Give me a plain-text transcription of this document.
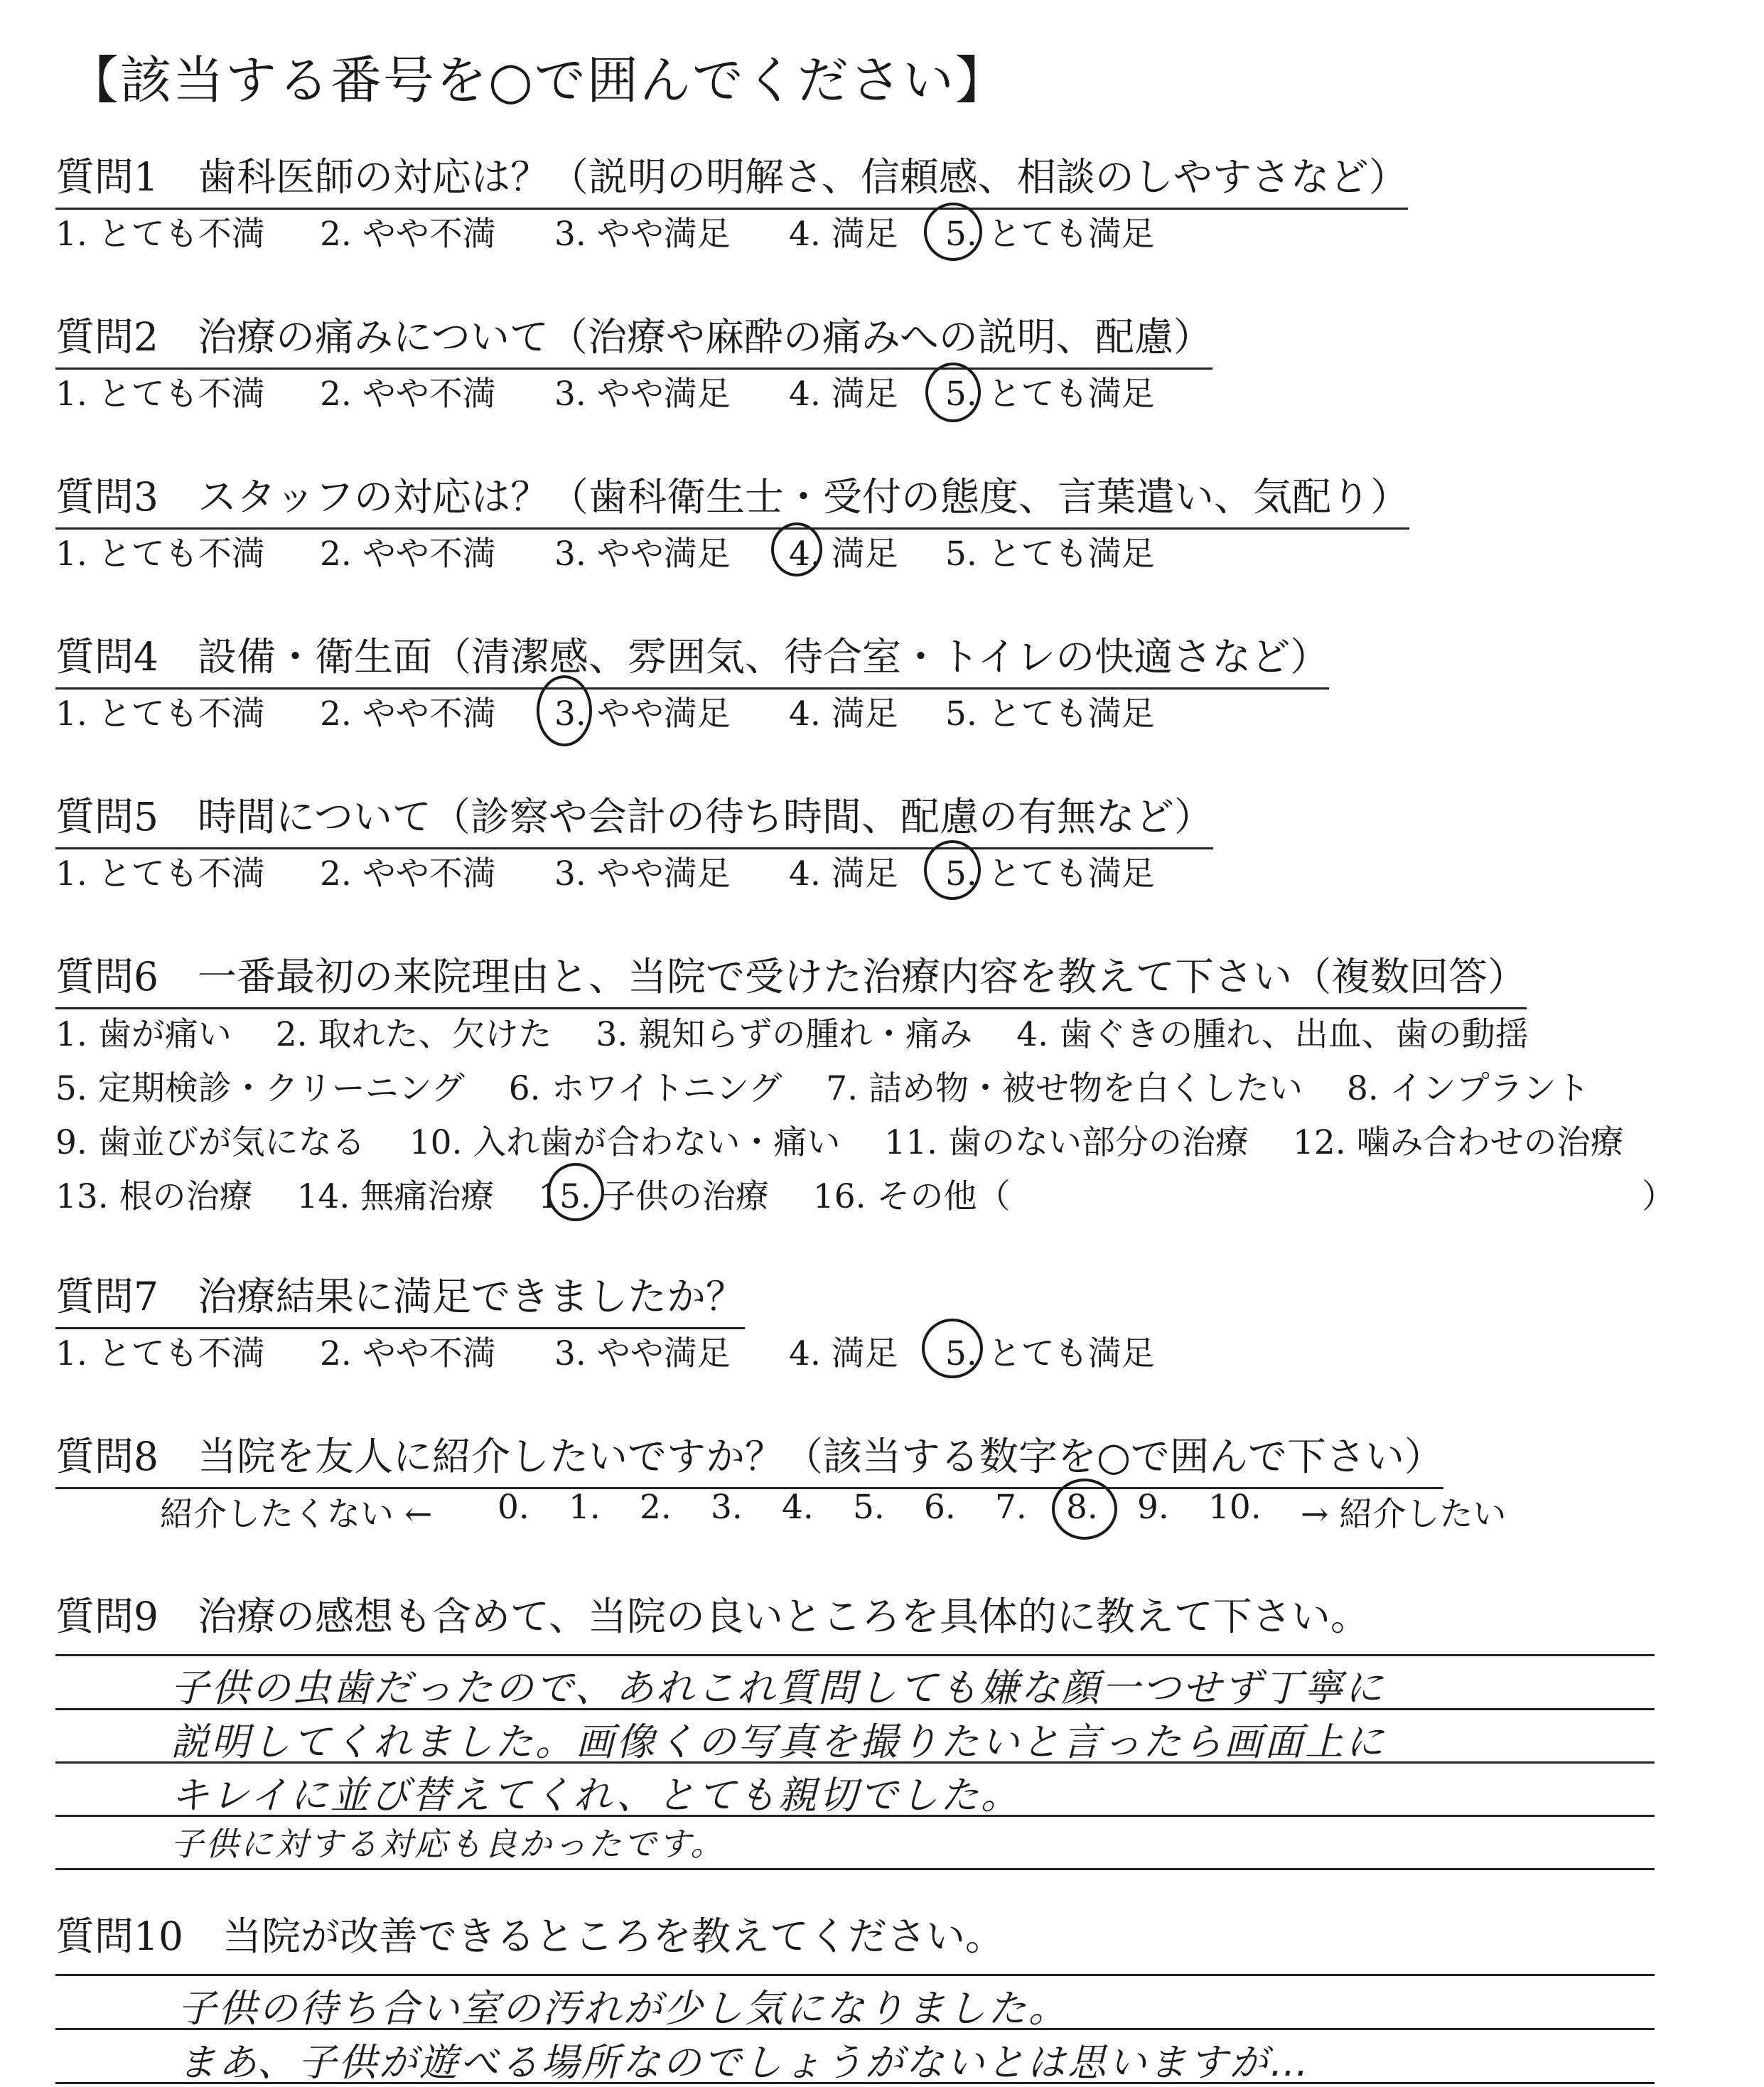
【該当する番号を○で囲んでください】
質問1　歯科医師の対応は？（説明の明解さ、信頼感、相談のしやすさなど）
1. とても不満 2. やや不満 3. やや満足 4. 満足 5. とても満足
質問2　治療の痛みについて（治療や麻酔の痛みへの説明、配慮）
1. とても不満 2. やや不満 3. やや満足 4. 満足 5. とても満足
質問3　スタッフの対応は？（歯科衛生士・受付の態度、言葉遣い、気配り）
1. とても不満 2. やや不満 3. やや満足 4. 満足 5. とても満足
質問4　設備・衛生面（清潔感、雰囲気、待合室・トイレの快適さなど）
1. とても不満 2. やや不満 3. やや満足 4. 満足 5. とても満足
質問5　時間について（診察や会計の待ち時間、配慮の有無など）
1. とても不満 2. やや不満 3. やや満足 4. 満足 5. とても満足
質問6　一番最初の来院理由と、当院で受けた治療内容を教えて下さい（複数回答）
1. 歯が痛い　 2. 取れた、欠けた　 3. 親知らずの腫れ・痛み　 4. 歯ぐきの腫れ、出血、歯の動揺
5. 定期検診・クリーニング　 6. ホワイトニング　 7. 詰め物・被せ物を白くしたい　 8. インプラント
9. 歯並びが気になる　 10. 入れ歯が合わない・痛い　 11. 歯のない部分の治療　 12. 噛み合わせの治療
13. 根の治療　 14. 無痛治療　 15. 子供の治療　 16. その他（	）
質問7　治療結果に満足できましたか？
1. とても不満 2. やや不満 3. やや満足 4. 満足 5. とても満足
質問8　当院を友人に紹介したいですか？（該当する数字を○で囲んで下さい）
紹介したくない ← 0. 1. 2. 3. 4. 5. 6. 7. 8. 9. 10. → 紹介したい
質問9　治療の感想も含めて、当院の良いところを具体的に教えて下さい。
子供の虫歯だったので、あれこれ質問しても嫌な顔一つせず丁寧に
説明してくれました。画像くの写真を撮りたいと言ったら画面上に
キレイに並び替えてくれ、とても親切でした。
子供に対する対応も良かったです。
質問10　当院が改善できるところを教えてください。
子供の待ち合い室の汚れが少し気になりました。
まあ、子供が遊べる場所なのでしょうがないとは思いますが…
